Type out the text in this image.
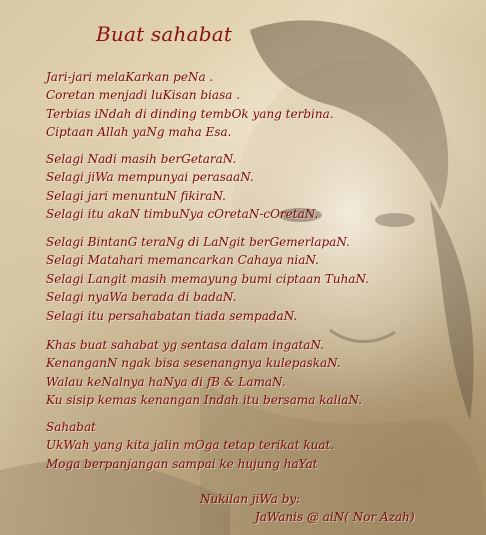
Buat sahabat
Jari-jari melaKarkan peNa .
Coretan menjadi luKisan biasa .
Terbias iNdah di dinding tembOk yang terbina.
Ciptaan Allah yaNg maha Esa.
Selagi Nadi masih berGetaraN.
Selagi jiWa mempunyai perasaaN.
Selagi jari menuntuN fikiraN.
Selagi itu akaN timbuNya cOretaN-cOretaN.
Selagi BintanG teraNg di LaNgit berGemerlapaN.
Selagi Matahari memancarkan Cahaya niaN.
Selagi Langit masih memayung bumi ciptaan TuhaN.
Selagi nyaWa berada di badaN.
Selagi itu persahabatan tiada sempadaN.
Khas buat sahabat yg sentasa dalam ingataN.
KenanganN ngak bisa sesenangnya kulepaskaN.
Walau keNalnya haNya di fB & LamaN.
Ku sisip kemas kenangan Indah itu bersama kaliaN.
Sahabat
UkWah yang kita jalin mOga tetap terikat kuat.
Moga berpanjangan sampai ke hujung haYat
Nukilan jiWa by:
JaWanis @ aiN( Nor Azah)
